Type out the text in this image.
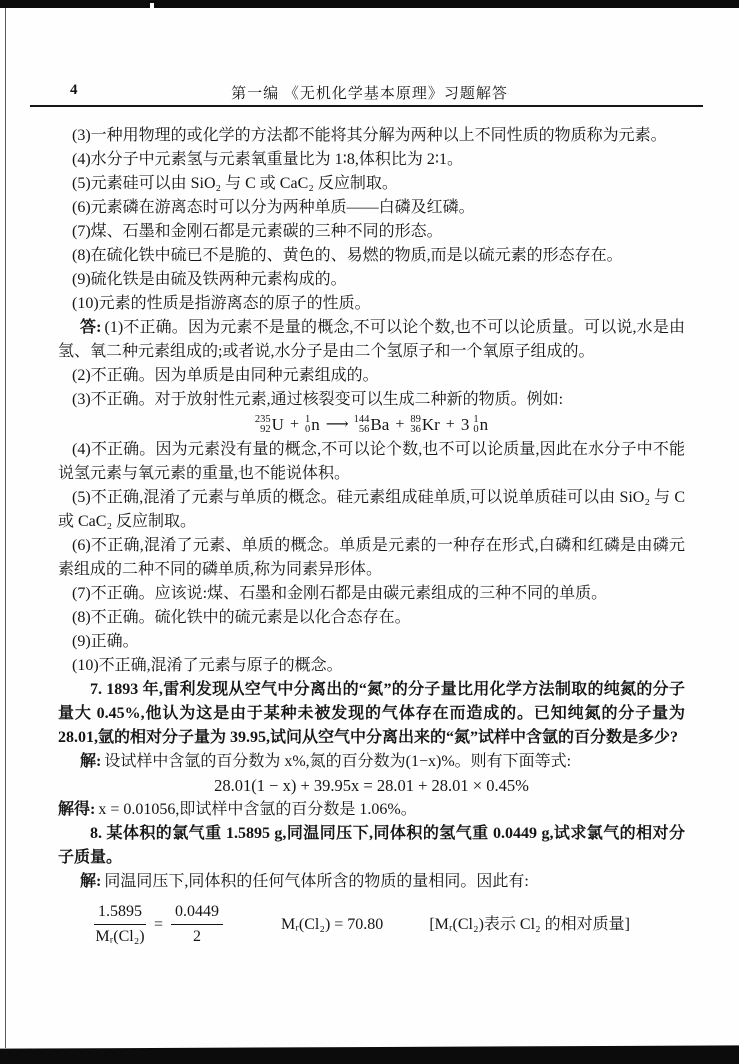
4	第一编 《无机化学基本原理》习题解答

(3)一种用物理的或化学的方法都不能将其分解为两种以上不同性质的物质称为元素。

(4)水分子中元素氢与元素氧重量比为 1∶8,体积比为 2∶1。

(5)元素硅可以由 SiO₂ 与 C 或 CaC₂ 反应制取。

(6)元素磷在游离态时可以分为两种单质——白磷及红磷。

(7)煤、石墨和金刚石都是元素碳的三种不同的形态。

(8)在硫化铁中硫已不是脆的、黄色的、易燃的物质,而是以硫元素的形态存在。

(9)硫化铁是由硫及铁两种元素构成的。

(10)元素的性质是指游离态的原子的性质。

答: (1)不正确。因为元素不是量的概念,不可以论个数,也不可以论质量。可以说,水是由氢、氧二种元素组成的;或者说,水分子是由二个氢原子和一个氧原子组成的。

(2)不正确。因为单质是由同种元素组成的。

(3)不正确。对于放射性元素,通过核裂变可以生成二种新的物质。例如:

235
92 U + 1
0 n ⟶ 144
56 Ba + 89
36 Kr + 3 1
0 n

(4)不正确。因为元素没有量的概念,不可以论个数,也不可以论质量,因此在水分子中不能说氢元素与氧元素的重量,也不能说体积。

(5)不正确,混淆了元素与单质的概念。硅元素组成硅单质,可以说单质硅可以由 SiO₂ 与 C 或 CaC₂ 反应制取。

(6)不正确,混淆了元素、单质的概念。单质是元素的一种存在形式,白磷和红磷是由磷元素组成的二种不同的磷单质,称为同素异形体。

(7)不正确。应该说:煤、石墨和金刚石都是由碳元素组成的三种不同的单质。

(8)不正确。硫化铁中的硫元素是以化合态存在。

(9)正确。

(10)不正确,混淆了元素与原子的概念。

7. 1893 年,雷利发现从空气中分离出的“氮”的分子量比用化学方法制取的纯氮的分子量大 0.45%,他认为这是由于某种未被发现的气体存在而造成的。已知纯氮的分子量为 28.01,氩的相对分子量为 39.95,试问从空气中分离出来的“氮”试样中含氩的百分数是多少?

解: 设试样中含氩的百分数为 x%,氮的百分数为(1−x)%。则有下面等式:

28.01(1 − x) + 39.95x = 28.01 + 28.01 × 0.45%

解得: x = 0.01056,即试样中含氩的百分数是 1.06%。

8. 某体积的氯气重 1.5895 g,同温同压下,同体积的氢气重 0.0449 g,试求氯气的相对分子质量。

解: 同温同压下,同体积的任何气体所含的物质的量相同。因此有:

$\frac{1.5895}{\text{Mᵣ(Cl₂)}} = \frac{0.0449}{2}$	Mᵣ(Cl₂) = 70.80	[Mᵣ(Cl₂)表示 Cl₂ 的相对质量]
